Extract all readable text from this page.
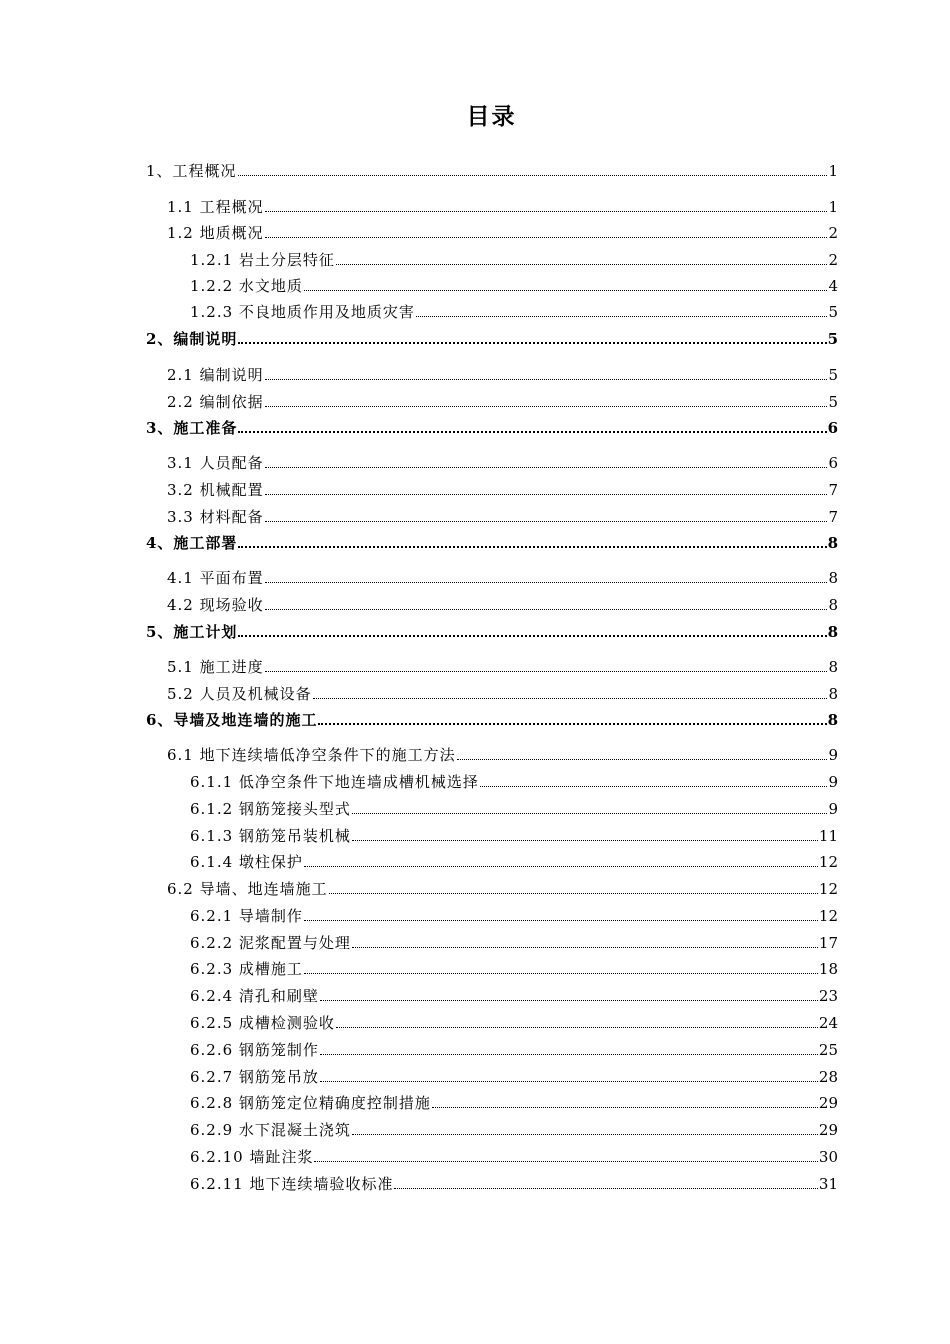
目录
1、工程概况	1
1.1 工程概况	1
1.2 地质概况	2
1.2.1 岩土分层特征	2
1.2.2 水文地质	4
1.2.3 不良地质作用及地质灾害	5
2、编制说明	5
2.1 编制说明	5
2.2 编制依据	5
3、施工准备	6
3.1 人员配备	6
3.2 机械配置	7
3.3 材料配备	7
4、施工部署	8
4.1 平面布置	8
4.2 现场验收	8
5、施工计划	8
5.1 施工进度	8
5.2 人员及机械设备	8
6、导墙及地连墙的施工	8
6.1 地下连续墙低净空条件下的施工方法	9
6.1.1 低净空条件下地连墙成槽机械选择	9
6.1.2 钢筋笼接头型式	9
6.1.3 钢筋笼吊装机械	11
6.1.4 墩柱保护	12
6.2 导墙、地连墙施工	12
6.2.1 导墙制作	12
6.2.2 泥浆配置与处理	17
6.2.3 成槽施工	18
6.2.4 清孔和刷壁	23
6.2.5 成槽检测验收	24
6.2.6 钢筋笼制作	25
6.2.7 钢筋笼吊放	28
6.2.8 钢筋笼定位精确度控制措施	29
6.2.9 水下混凝土浇筑	29
6.2.10 墙趾注浆	30
6.2.11 地下连续墙验收标准	31
